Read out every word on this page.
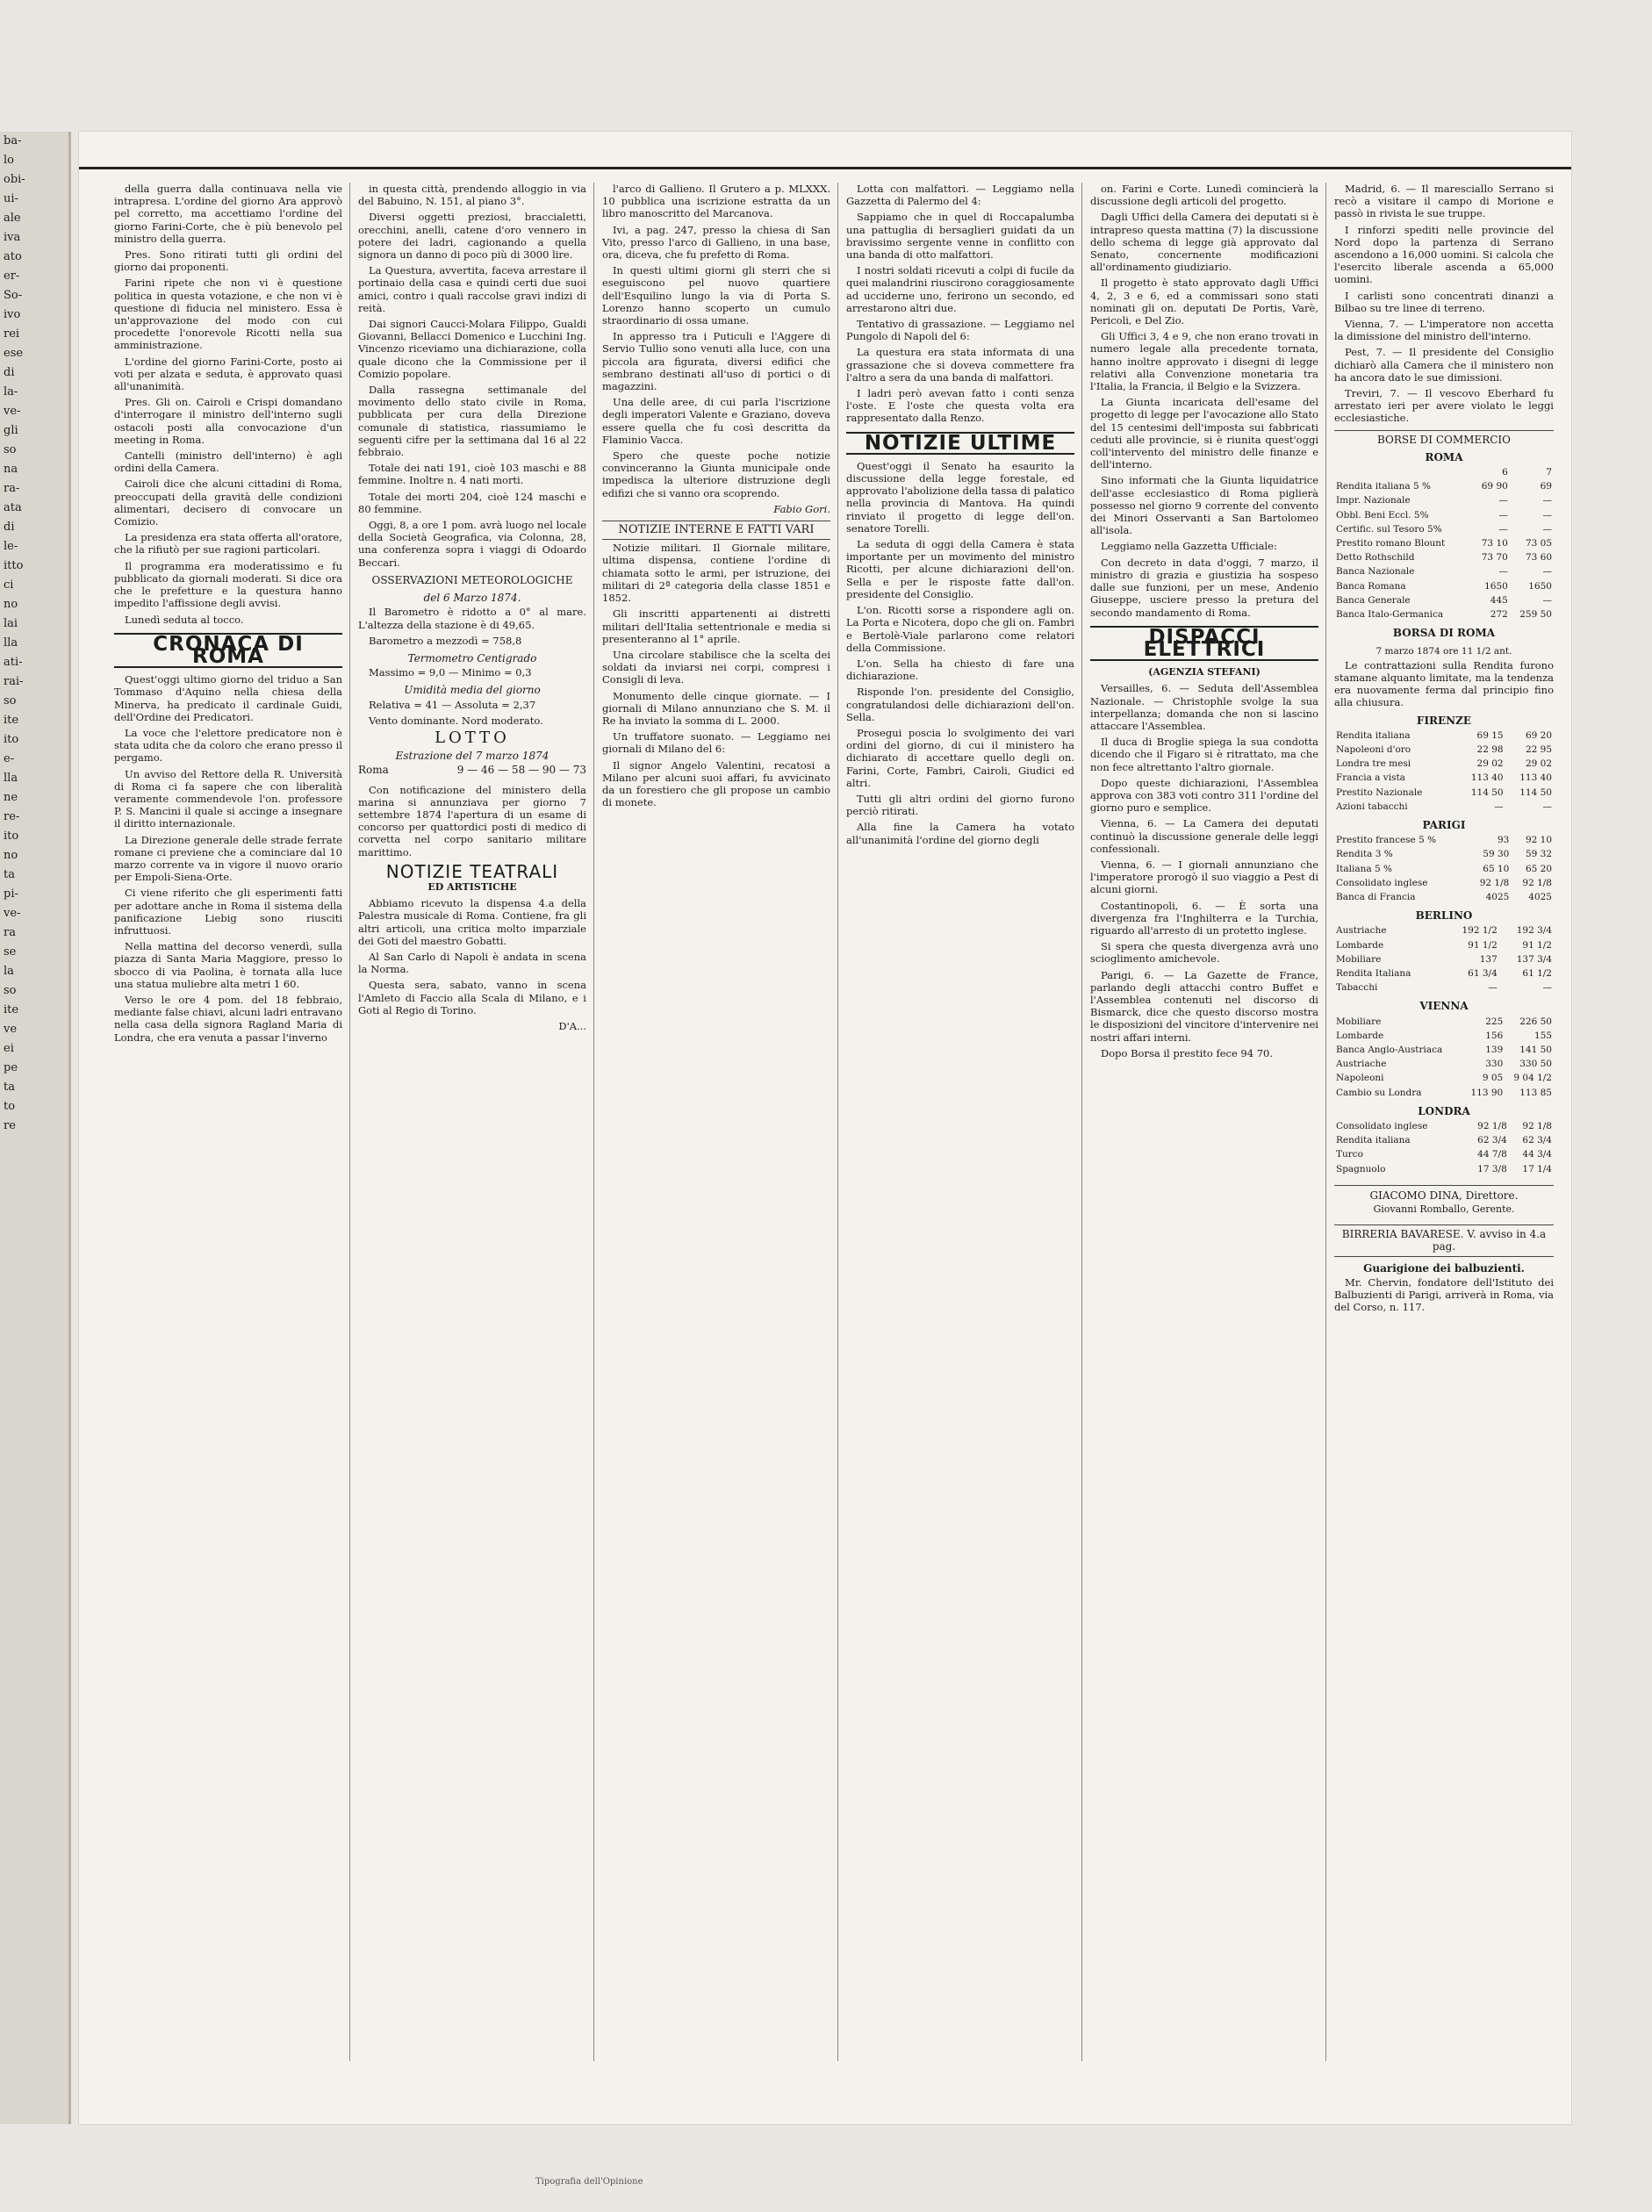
ba-
lo
obi-
ui-
ale
iva
ato
er-
So-
ivo
rei
ese
di
la-
ve-
gli
so
na
ra-
ata
di
le-
itto
ci
no
lai
lla
ati-
rai-
so
ite
ito
e-
lla
ne
re-
ito
no
ta
pi-
ve-
ra
se
la
so
ite
ve
ei
pe
ta
to
re

della guerra dalla continuava nella vie intrapresa. L'ordine del giorno Ara approvò pel corretto, ma accettiamo l'ordine del giorno Farini-Corte, che è più benevolo pel ministro della guerra.

Pres. Sono ritirati tutti gli ordini del giorno dai proponenti.

Farini ripete che non vi è questione politica in questa votazione, e che non vi è questione di fiducia nel ministero. Essa è un'approvazione del modo con cui procedette l'onorevole Ricotti nella sua amministrazione.

L'ordine del giorno Farini-Corte, posto ai voti per alzata e seduta, è approvato quasi all'unanimità.

Pres. Gli on. Cairoli e Crispi domandano d'interrogare il ministro dell'interno sugli ostacoli posti alla convocazione d'un meeting in Roma.

Cantelli (ministro dell'interno) è agli ordini della Camera.

Cairoli dice che alcuni cittadini di Roma, preoccupati della gravità delle condizioni alimentari, decisero di convocare un Comizio.

La presidenza era stata offerta all'oratore, che la rifiutò per sue ragioni particolari.

Il programma era moderatissimo e fu pubblicato da giornali moderati. Si dice ora che le prefetture e la questura hanno impedito l'affissione degli avvisi.

Lunedì seduta al tocco.

CRONACA DI ROMA

Quest'oggi ultimo giorno del triduo a San Tommaso d'Aquino nella chiesa della Minerva, ha predicato il cardinale Guidi, dell'Ordine dei Predicatori.

La voce che l'elettore predicatore non è stata udita che da coloro che erano presso il pergamo.

Un avviso del Rettore della R. Università di Roma ci fa sapere che con liberalità veramente commendevole l'on. professore P. S. Mancini il quale si accinge a insegnare il diritto internazionale.

La Direzione generale delle strade ferrate romane ci previene che a cominciare dal 10 marzo corrente va in vigore il nuovo orario per Empoli-Siena-Orte.

Ci viene riferito che gli esperimenti fatti per adottare anche in Roma il sistema della panificazione Liebig sono riusciti infruttuosi.

Nella mattina del decorso venerdì, sulla piazza di Santa Maria Maggiore, presso lo sbocco di via Paolina, è tornata alla luce una statua muliebre alta metri 1 60.

Verso le ore 4 pom. del 18 febbraio, mediante false chiavi, alcuni ladri entravano nella casa della signora Ragland Maria di Londra, che era venuta a passar l'inverno

in questa città, prendendo alloggio in via del Babuino, N. 151, al piano 3°.

Diversi oggetti preziosi, braccialetti, orecchini, anelli, catene d'oro vennero in potere dei ladri, cagionando a quella signora un danno di poco più di 3000 lire.

La Questura, avvertita, faceva arrestare il portinaio della casa e quindi certi due suoi amici, contro i quali raccolse gravi indizi di reità.

Dai signori Caucci-Molara Filippo, Gualdi Giovanni, Bellacci Domenico e Lucchini Ing. Vincenzo riceviamo una dichiarazione, colla quale dicono che la Commissione per il Comizio popolare.

Dalla rassegna settimanale del movimento dello stato civile in Roma, pubblicata per cura della Direzione comunale di statistica, riassumiamo le seguenti cifre per la settimana dal 16 al 22 febbraio.

Totale dei nati 191, cioè 103 maschi e 88 femmine. Inoltre n. 4 nati morti.

Totale dei morti 204, cioè 124 maschi e 80 femmine.

Oggi, 8, a ore 1 pom. avrà luogo nel locale della Società Geografica, via Colonna, 28, una conferenza sopra i viaggi di Odoardo Beccari.

OSSERVAZIONI METEOROLOGICHE
del 6 Marzo 1874.

Il Barometro è ridotto a 0° al mare. L'altezza della stazione è di 49,65.

Barometro a mezzodì = 758,8

Termometro Centigrado

Massimo = 9,0 — Minimo = 0,3

Umidità media del giorno

Relativa = 41 — Assoluta = 2,37

Vento dominante. Nord moderato.

LOTTO
Estrazione del 7 marzo 1874
Roma	9 — 46 — 58 — 90 — 73

Con notificazione del ministero della marina si annunziava per giorno 7 settembre 1874 l'apertura di un esame di concorso per quattordici posti di medico di corvetta nel corpo sanitario militare marittimo.

NOTIZIE TEATRALI
ED ARTISTICHE

Abbiamo ricevuto la dispensa 4.a della Palestra musicale di Roma. Contiene, fra gli altri articoli, una critica molto imparziale dei Goti del maestro Gobatti.

Al San Carlo di Napoli è andata in scena la Norma.

Questa sera, sabato, vanno in scena l'Amleto di Faccio alla Scala di Milano, e i Goti al Regio di Torino.

D'A...

l'arco di Gallieno. Il Grutero a p. MLXXX. 10 pubblica una iscrizione estratta da un libro manoscritto del Marcanova.

Ivi, a pag. 247, presso la chiesa di San Vito, presso l'arco di Gallieno, in una base, ora, diceva, che fu prefetto di Roma.

In questi ultimi giorni gli sterri che si eseguiscono pel nuovo quartiere dell'Esquilino lungo la via di Porta S. Lorenzo hanno scoperto un cumulo straordinario di ossa umane.

In appresso tra i Puticuli e l'Aggere di Servio Tullio sono venuti alla luce, con una piccola ara figurata, diversi edifici che sembrano destinati all'uso di portici o di magazzini.

Una delle aree, di cui parla l'iscrizione degli imperatori Valente e Graziano, doveva essere quella che fu così descritta da Flaminio Vacca.

Spero che queste poche notizie convinceranno la Giunta municipale onde impedisca la ulteriore distruzione degli edifizi che si vanno ora scoprendo.

Fabio Gori.
NOTIZIE INTERNE E FATTI VARI

Notizie militari. Il Giornale militare, ultima dispensa, contiene l'ordine di chiamata sotto le armi, per istruzione, dei militari di 2ª categoria della classe 1851 e 1852.

Gli inscritti appartenenti ai distretti militari dell'Italia settentrionale e media si presenteranno al 1° aprile.

Una circolare stabilisce che la scelta dei soldati da inviarsi nei corpi, compresi i Consigli di leva.

Monumento delle cinque giornate. — I giornali di Milano annunziano che S. M. il Re ha inviato la somma di L. 2000.

Un truffatore suonato. — Leggiamo nei giornali di Milano del 6:

Il signor Angelo Valentini, recatosi a Milano per alcuni suoi affari, fu avvicinato da un forestiero che gli propose un cambio di monete.

Lotta con malfattori. — Leggiamo nella Gazzetta di Palermo del 4:

Sappiamo che in quel di Roccapalumba una pattuglia di bersaglieri guidati da un bravissimo sergente venne in conflitto con una banda di otto malfattori.

I nostri soldati ricevuti a colpi di fucile da quei malandrini riuscirono coraggiosamente ad ucciderne uno, ferirono un secondo, ed arrestarono altri due.

Tentativo di grassazione. — Leggiamo nel Pungolo di Napoli del 6:

La questura era stata informata di una grassazione che si doveva commettere fra l'altro a sera da una banda di malfattori.

I ladri però avevan fatto i conti senza l'oste. E l'oste che questa volta era rappresentato dalla Renzo.

NOTIZIE ULTIME

Quest'oggi il Senato ha esaurito la discussione della legge forestale, ed approvato l'abolizione della tassa di palatico nella provincia di Mantova. Ha quindi rinviato il progetto di legge dell'on. senatore Torelli.

La seduta di oggi della Camera è stata importante per un movimento del ministro Ricotti, per alcune dichiarazioni dell'on. Sella e per le risposte fatte dall'on. presidente del Consiglio.

L'on. Ricotti sorse a rispondere agli on. La Porta e Nicotera, dopo che gli on. Fambri e Bertolè-Viale parlarono come relatori della Commissione.

L'on. Sella ha chiesto di fare una dichiarazione.

Risponde l'on. presidente del Consiglio, congratulandosi delle dichiarazioni dell'on. Sella.

Prosegui poscia lo svolgimento dei vari ordini del giorno, di cui il ministero ha dichiarato di accettare quello degli on. Farini, Corte, Fambri, Cairoli, Giudici ed altri.

Tutti gli altri ordini del giorno furono perciò ritirati.

Alla fine la Camera ha votato all'unanimità l'ordine del giorno degli

on. Farini e Corte. Lunedì comincierà la discussione degli articoli del progetto.

Dagli Uffici della Camera dei deputati si è intrapreso questa mattina (7) la discussione dello schema di legge già approvato dal Senato, concernente modificazioni all'ordinamento giudiziario.

Il progetto è stato approvato dagli Uffici 4, 2, 3 e 6, ed a commissari sono stati nominati gli on. deputati De Portis, Varè, Pericoli, e Del Zio.

Gli Uffici 3, 4 e 9, che non erano trovati in numero legale alla precedente tornata, hanno inoltre approvato i disegni di legge relativi alla Convenzione monetaria tra l'Italia, la Francia, il Belgio e la Svizzera.

La Giunta incaricata dell'esame del progetto di legge per l'avocazione allo Stato del 15 centesimi dell'imposta sui fabbricati ceduti alle provincie, si è riunita quest'oggi coll'intervento del ministro delle finanze e dell'interno.

Sino informati che la Giunta liquidatrice dell'asse ecclesiastico di Roma piglierà possesso nel giorno 9 corrente del convento dei Minori Osservanti a San Bartolomeo all'isola.

Leggiamo nella Gazzetta Ufficiale:

Con decreto in data d'oggi, 7 marzo, il ministro di grazia e giustizia ha sospeso dalle sue funzioni, per un mese, Andenio Giuseppe, usciere presso la pretura del secondo mandamento di Roma.

DISPACCI ELETTRICI
(AGENZIA STEFANI)

Versailles, 6. — Seduta dell'Assemblea Nazionale. — Christophle svolge la sua interpellanza; domanda che non si lascino attaccare l'Assemblea.

Il duca di Broglie spiega la sua condotta dicendo che il Figaro si è ritrattato, ma che non fece altrettanto l'altro giornale.

Dopo queste dichiarazioni, l'Assemblea approva con 383 voti contro 311 l'ordine del giorno puro e semplice.

Vienna, 6. — La Camera dei deputati continuò la discussione generale delle leggi confessionali.

Vienna, 6. — I giornali annunziano che l'imperatore prorogò il suo viaggio a Pest di alcuni giorni.

Costantinopoli, 6. — È sorta una divergenza fra l'Inghilterra e la Turchia, riguardo all'arresto di un protetto inglese.

Si spera che questa divergenza avrà uno scioglimento amichevole.

Parigi, 6. — La Gazette de France, parlando degli attacchi contro Buffet e l'Assemblea contenuti nel discorso di Bismarck, dice che questo discorso mostra le disposizioni del vincitore d'intervenire nei nostri affari interni.

Dopo Borsa il prestito fece 94 70.

Madrid, 6. — Il maresciallo Serrano si recò a visitare il campo di Morione e passò in rivista le sue truppe.

I rinforzi spediti nelle provincie del Nord dopo la partenza di Serrano ascendono a 16,000 uomini. Si calcola che l'esercito liberale ascenda a 65,000 uomini.

I carlisti sono concentrati dinanzi a Bilbao su tre linee di terreno.

Vienna, 7. — L'imperatore non accetta la dimissione del ministro dell'interno.

Pest, 7. — Il presidente del Consiglio dichiarò alla Camera che il ministero non ha ancora dato le sue dimissioni.

Treviri, 7. — Il vescovo Eberhard fu arrestato ieri per avere violato le leggi ecclesiastiche.

BORSE DI COMMERCIO
ROMA
	6	7
Rendita italiana 5 %	69 90	69
Impr. Nazionale	—	—
Obbl. Beni Eccl. 5%	—	—
Certific. sul Tesoro 5%	—	—
Prestito romano Blount	73 10	73 05
Detto Rothschild	73 70	73 60
Banca Nazionale	—	—
Banca Romana	1650	1650
Banca Generale	445	—
Banca Italo-Germanica	272	259 50
BORSA DI ROMA
7 marzo 1874 ore 11 1/2 ant.

Le contrattazioni sulla Rendita furono stamane alquanto limitate, ma la tendenza era nuovamente ferma dal principio fino alla chiusura.

FIRENZE
Rendita italiana	69 15	69 20
Napoleoni d'oro	22 98	22 95
Londra tre mesi	29 02	29 02
Francia a vista	113 40	113 40
Prestito Nazionale	114 50	114 50
Azioni tabacchi	—	—
PARIGI
Prestito francese 5 %	93	92 10
Rendita 3 %	59 30	59 32
Italiana 5 %	65 10	65 20
Consolidato inglese	92 1/8	92 1/8
Banca di Francia	4025	4025
BERLINO
Austriache	192 1/2	192 3/4
Lombarde	91 1/2	91 1/2
Mobiliare	137	137 3/4
Rendita Italiana	61 3/4	61 1/2
Tabacchi	—	—
VIENNA
Mobiliare	225	226 50
Lombarde	156	155
Banca Anglo-Austriaca	139	141 50
Austriache	330	330 50
Napoleoni	9 05	9 04 1/2
Cambio su Londra	113 90	113 85
LONDRA
Consolidato inglese	92 1/8	92 1/8
Rendita italiana	62 3/4	62 3/4
Turco	44 7/8	44 3/4
Spagnuolo	17 3/8	17 1/4
GIACOMO DINA, Direttore.
Giovanni Romballo, Gerente.
BIRRERIA BAVARESE. V. avviso in 4.a pag.
Guarigione dei balbuzienti.

Mr. Chervin, fondatore dell'Istituto dei Balbuzienti di Parigi, arriverà in Roma, via del Corso, n. 117.

Tipografia dell'Opinione
